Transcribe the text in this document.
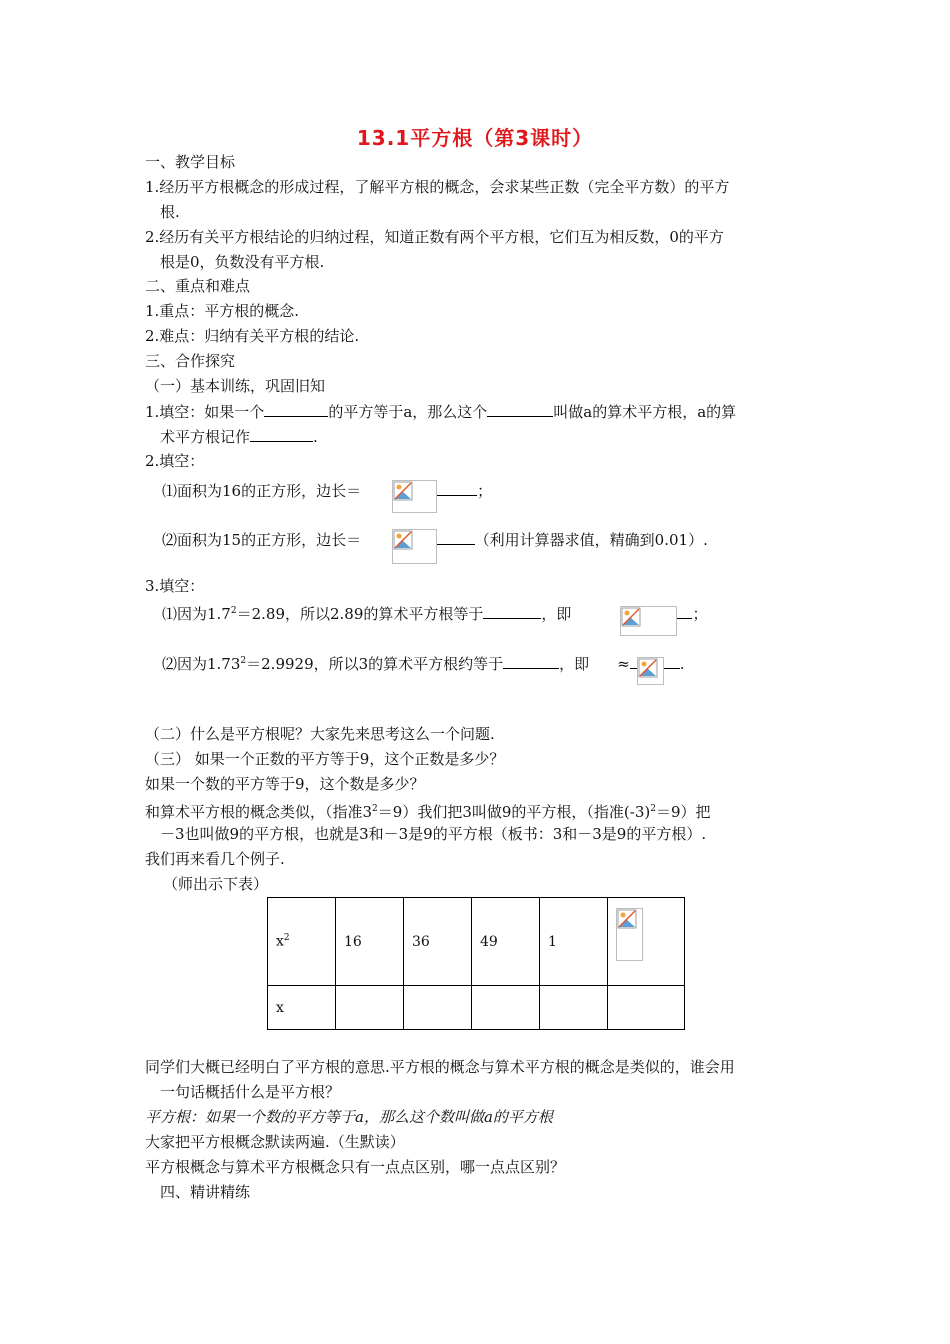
13.1平方根（第3课时）
一、教学目标
1.经历平方根概念的形成过程，了解平方根的概念，会求某些正数（完全平方数）的平方
根.
2.经历有关平方根结论的归纳过程，知道正数有两个平方根，它们互为相反数，0的平方
根是0，负数没有平方根.
二、重点和难点
1.重点：平方根的概念.
2.难点：归纳有关平方根的结论.
三、合作探究
（一）基本训练，巩固旧知
1.填空：如果一个	的平方等于a，那么这个	叫做a的算术平方根，a的算
术平方根记作	.
2.填空：
⑴面积为16的正方形，边长＝	；
⑵面积为15的正方形，边长＝	（利用计算器求值，精确到0.01）.
3.填空：
⑴因为$1.7^2=2.89$，所以2.89的算术平方根等于	，即	；
⑵因为$1.73^2=2.9929$，所以3的算术平方根约等于	，即 ≈	.
（二）什么是平方根呢？大家先来思考这么一个问题.
（三） 如果一个正数的平方等于9，这个正数是多少？
如果一个数的平方等于9，这个数是多少？
和算术平方根的概念类似，（指准$3^2=9$）我们把3叫做9的平方根，（指准$(-3)^2=9$）把
－3也叫做9的平方根，也就是3和－3是9的平方根（板书：3和－3是9的平方根）.
我们再来看几个例子.
（师出示下表）
$x^2$	16	36	49	1	

x					
同学们大概已经明白了平方根的意思.平方根的概念与算术平方根的概念是类似的，谁会用
一句话概括什么是平方根？
平方根：如果一个数的平方等于a，那么这个数叫做a的平方根
大家把平方根概念默读两遍.（生默读）
平方根概念与算术平方根概念只有一点点区别，哪一点点区别？
四、精讲精练
